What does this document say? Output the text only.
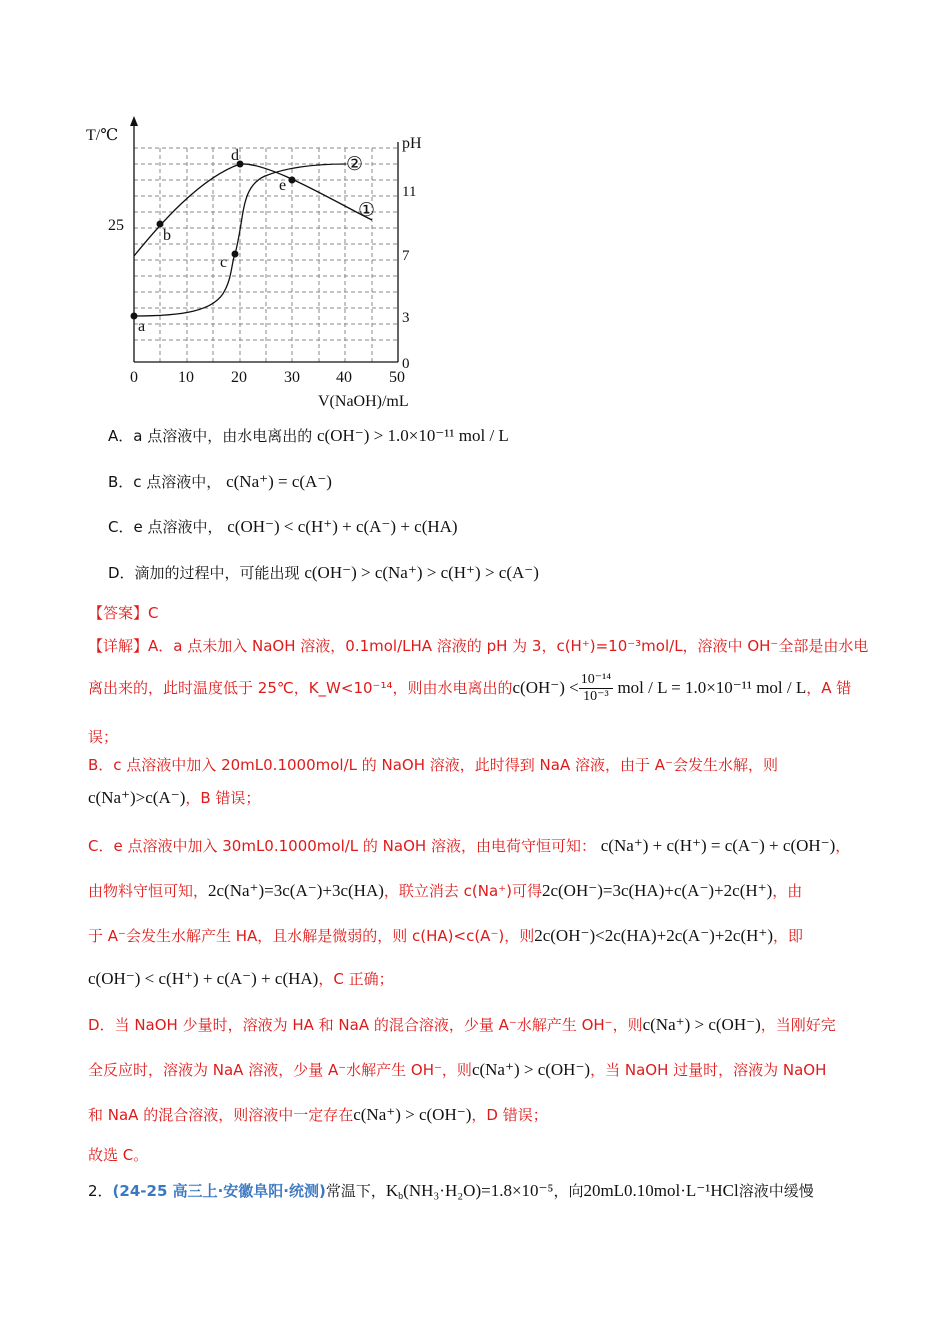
T/℃	pH
25
11
7
3
0
0	10 20 30 40 50
V(NaOH)/mL
a
b
c
d
e
①
②
A．a 点溶液中，由水电离出的 c(OH⁻) > 1.0×10⁻¹¹ mol / L
B．c 点溶液中， c(Na⁺) = c(A⁻)
C．e 点溶液中， c(OH⁻) < c(H⁺) + c(A⁻) + c(HA)
D．滴加的过程中，可能出现 c(OH⁻) > c(Na⁺) > c(H⁺) > c(A⁻)
【答案】C
【详解】A．a 点未加入 NaOH 溶液，0.1mol/LHA 溶液的 pH 为 3，c(H⁺)=10⁻³mol/L，溶液中 OH⁻全部是由水电
离出来的，此时温度低于 25℃，K_W<10⁻¹⁴，则由水电离出的 $c(OH^-) < \frac{\text{10⁻¹⁴}}{\text{10⁻³}}$ mol / L = 1.0×10⁻¹¹ mol / L ，A 错
误；
B．c 点溶液中加入 20mL0.1000mol/L 的 NaOH 溶液，此时得到 NaA 溶液，由于 A⁻会发生水解，则
c(Na⁺)>c(A⁻)，B 错误；
C．e 点溶液中加入 30mL0.1000mol/L 的 NaOH 溶液，由电荷守恒可知： c(Na⁺) + c(H⁺) = c(A⁻) + c(OH⁻)，
由物料守恒可知，2c(Na⁺)=3c(A⁻)+3c(HA)，联立消去 c(Na⁺)可得2c(OH⁻)=3c(HA)+c(A⁻)+2c(H⁺)，由
于 A⁻会发生水解产生 HA，且水解是微弱的，则 c(HA)<c(A⁻)，则2c(OH⁻)<2c(HA)+2c(A⁻)+2c(H⁺)，即
c(OH⁻) < c(H⁺) + c(A⁻) + c(HA)，C 正确；
D．当 NaOH 少量时，溶液为 HA 和 NaA 的混合溶液，少量 A⁻水解产生 OH⁻，则c(Na⁺) > c(OH⁻)，当刚好完
全反应时，溶液为 NaA 溶液，少量 A⁻水解产生 OH⁻，则c(Na⁺) > c(OH⁻)，当 NaOH 过量时，溶液为 NaOH
和 NaA 的混合溶液，则溶液中一定存在c(Na⁺) > c(OH⁻)，D 错误；
故选 C。
2．(24-25 高三上·安徽阜阳·统测)常温下，$K_b(NH_3\cdot H_2O)=1.8\times 10^{-5}$，向20mL0.10mol·L⁻¹HCl溶液中缓慢
